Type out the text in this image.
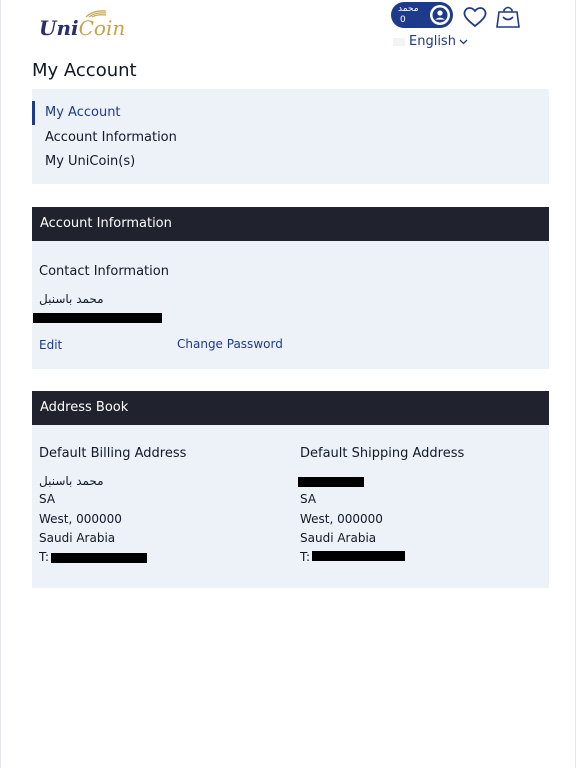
UniCoin
محمد
0
English
My Account
My Account
Account Information
My UniCoin(s)
Account Information
Contact Information
محمد باسنبل
Edit	Change Password
Address Book
Default Billing Address
محمد باسنبل
SA
West, 000000
Saudi Arabia
T:
Default Shipping Address
SA
West, 000000
Saudi Arabia
T:
